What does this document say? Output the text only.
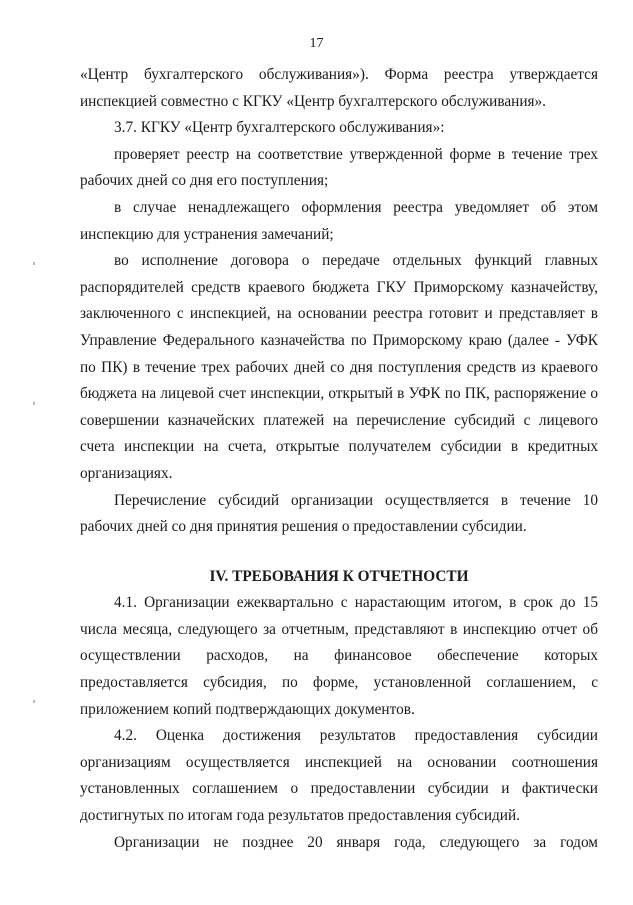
17

«Центр бухгалтерского обслуживания»). Форма реестра утверждается инспекцией совместно с КГКУ «Центр бухгалтерского обслуживания».

3.7. КГКУ «Центр бухгалтерского обслуживания»:

проверяет реестр на соответствие утвержденной форме в течение трех рабочих дней со дня его поступления;

в случае ненадлежащего оформления реестра уведомляет об этом инспекцию для устранения замечаний;

во исполнение договора о передаче отдельных функций главных распорядителей средств краевого бюджета ГКУ Приморскому казначейству, заключенного с инспекцией, на основании реестра готовит и представляет в Управление Федерального казначейства по Приморскому краю (далее - УФК по ПК) в течение трех рабочих дней со дня поступления средств из краевого бюджета на лицевой счет инспекции, открытый в УФК по ПК, распоряжение о совершении казначейских платежей на перечисление субсидий с лицевого счета инспекции на счета, открытые получателем субсидии в кредитных организациях.

Перечисление субсидий организации осуществляется в течение 10 рабочих дней со дня принятия решения о предоставлении субсидии.

IV. ТРЕБОВАНИЯ К ОТЧЕТНОСТИ

4.1. Организации ежеквартально с нарастающим итогом, в срок до 15 числа месяца, следующего за отчетным, представляют в инспекцию отчет об осуществлении расходов, на финансовое обеспечение которых предоставляется субсидия, по форме, установленной соглашением, с приложением копий подтверждающих документов.

4.2. Оценка достижения результатов предоставления субсидии организациям осуществляется инспекцией на основании соотношения установленных соглашением о предоставлении субсидии и фактически достигнутых по итогам года результатов предоставления субсидий.

Организации не позднее 20 января года, следующего за годом
